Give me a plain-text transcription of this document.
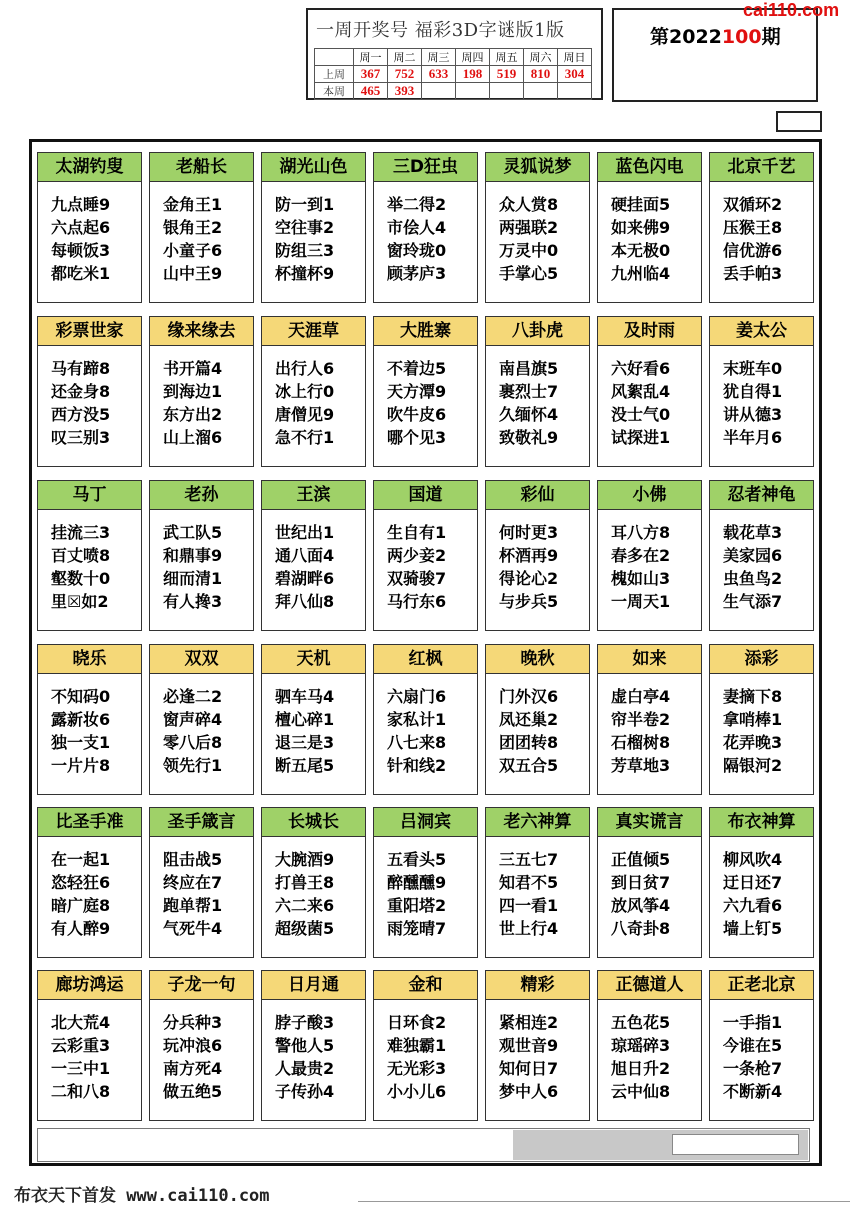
一周开奖号 福彩3D字谜版1版
	周一	周二	周三	周四	周五	周六	周日
上周	367	752	633	198	519	810	304
本周	465	393					
第2022100期
cai110.com
太湖钓叟
九点睡9
六点起6
每顿饭3
都吃米1
老船长
金角王1
银角王2
小童子6
山中王9
湖光山色
防一到1
空往事2
防组三3
杯撞杯9
三D狂虫
举二得2
市侩人4
窗玲珑0
顾茅庐3
灵狐说梦
众人赏8
两强联2
万灵中0
手掌心5
蓝色闪电
硬挂面5
如来佛9
本无极0
九州临4
北京千艺
双循环2
压猴王8
信优游6
丢手帕3
彩票世家
马有蹄8
还金身8
西方没5
叹三别3
缘来缘去
书开篇4
到海边1
东方出2
山上溜6
天涯草
出行人6
冰上行0
唐僧见9
急不行1
大胜寨
不着边5
天方潭9
吹牛皮6
哪个见3
八卦虎
南昌旗5
裹烈士7
久缅怀4
致敬礼9
及时雨
六好看6
风絮乱4
没士气0
试探进1
姜太公
末班车0
犹自得1
讲从德3
半年月6
马丁
挂流三3
百丈喷8
壑数十0
里☒如2
老孙
武工队5
和鼎事9
细而清1
有人搀3
王滨
世纪出1
通八面4
碧湖畔6
拜八仙8
国道
生自有1
两少妾2
双骑骏7
马行东6
彩仙
何时更3
杯酒再9
得论心2
与步兵5
小佛
耳八方8
春多在2
槐如山3
一周天1
忍者神龟
载花草3
美家园6
虫鱼鸟2
生气添7
晓乐
不知码0
露新妆6
独一支1
一片片8
双双
必逢二2
窗声碎4
零八后8
领先行1
天机
驷车马4
檀心碎1
退三是3
断五尾5
红枫
六扇门6
家私计1
八七来8
针和线2
晚秋
门外汉6
凤还巢2
团团转8
双五合5
如来
虚白亭4
帘半卷2
石榴树8
芳草地3
添彩
妻摘下8
拿哨棒1
花弄晚3
隔银河2
比圣手准
在一起1
恣轻狂6
暗广庭8
有人醉9
圣手箴言
阻击战5
终应在7
跑单帮1
气死牛4
长城长
大腕酒9
打兽王8
六二来6
超级菌5
吕洞宾
五看头5
醉醺醺9
重阳塔2
雨笼晴7
老六神算
三五七7
知君不5
四一看1
世上行4
真实谎言
正值倾5
到日贫7
放风筝4
八奇卦8
布衣神算
柳风吹4
迂日还7
六九看6
墙上钉5
廊坊鸿运
北大荒4
云彩重3
一三中1
二和八8
子龙一句
分兵种3
玩冲浪6
南方死4
做五绝5
日月通
脖子酸3
警他人5
人最贵2
子传孙4
金和
日环食2
难独霸1
无光彩3
小小儿6
精彩
紧相连2
观世音9
知何日7
梦中人6
正德道人
五色花5
琼瑶碎3
旭日升2
云中仙8
正老北京
一手指1
今谁在5
一条枪7
不断新4
布衣天下首发 www.cai110.com
